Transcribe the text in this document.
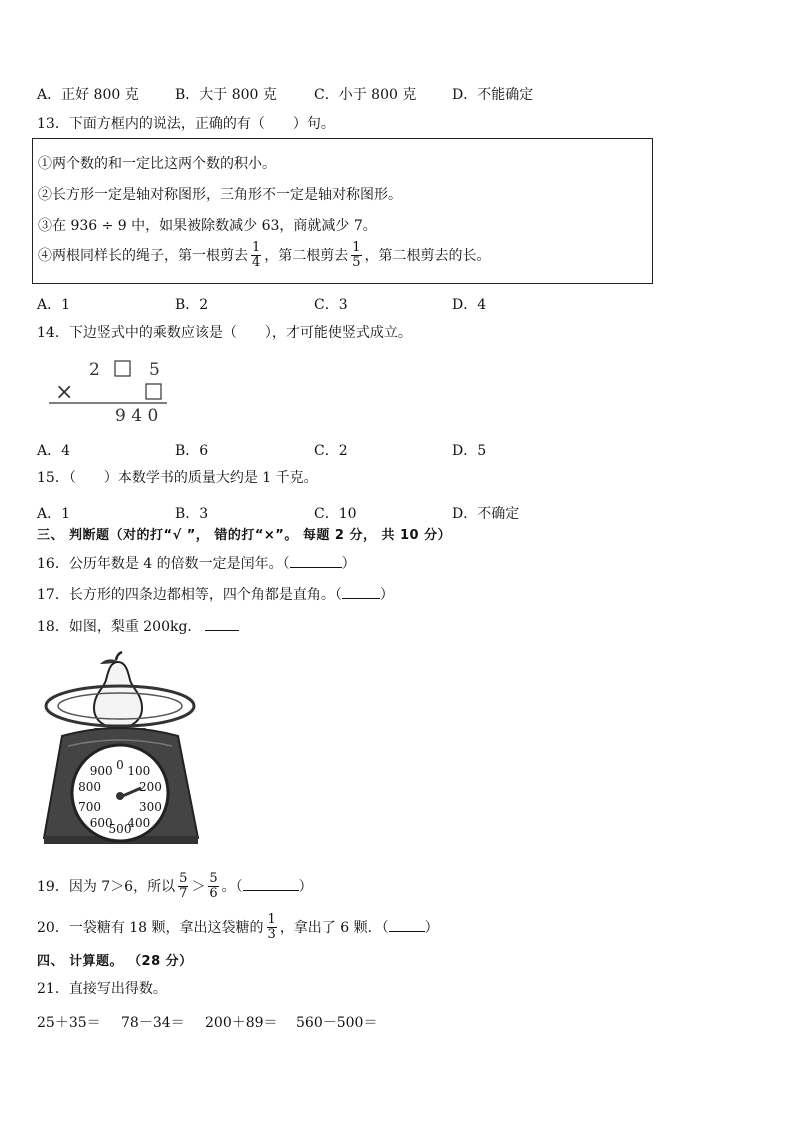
A．正好 800 克	B．大于 800 克	C．小于 800 克	D．不能确定
13．下面方框内的说法，正确的有（　　）句。
①两个数的和一定比这两个数的积小。
②长方形一定是轴对称图形，三角形不一定是轴对称图形。
③在 936 ÷ 9 中，如果被除数减少 63，商就减少 7。
④两根同样长的绳子，第一根剪去 $\frac{1}{4}$ ，第二根剪去 $\frac{1}{5}$ ，第二根剪去的长。
A．1	B．2	C．3	D．4
14．下边竖式中的乘数应该是（　　），才可能使竖式成立。
2	5
×
9 4 0
A．4	B．6	C．2	D．5
15．（　　）本数学书的质量大约是 1 千克。
A．1	B．3	C．10	D．不确定
三、 判断题（对的打“√ ”， 错的打“×”。 每题 2 分， 共 10 分）
16．公历年数是 4 的倍数一定是闰年。（	）
17．长方形的四条边都相等，四个角都是直角。（	）
18．如图，梨重 200kg．
0 100
200
300
400
500
600
700
800
900
19．因为 7＞6，所以 $\frac{5}{7} > \frac{5}{6}$ 。（	）
20．一袋糖有 18 颗，拿出这袋糖的 $\frac{1}{3}$ ，拿出了 6 颗．（	）
四、 计算题。 （28 分）
21．直接写出得数。
25＋35＝ 78－34＝ 200＋89＝ 560－500＝
